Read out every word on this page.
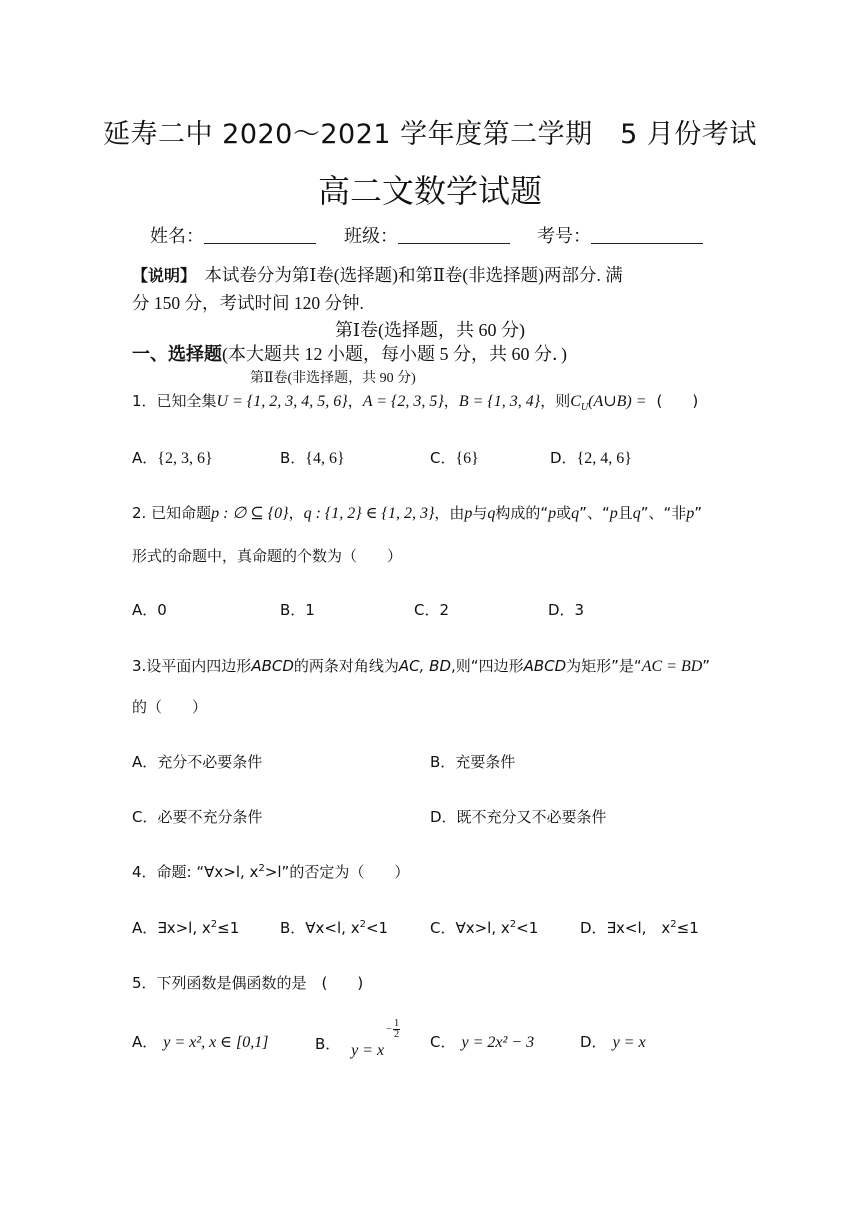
延寿二中 2020～2021 学年度第二学期　5 月份考试
高二文数学试题
姓名：	班级：	考号：
【说明】 本试卷分为第Ⅰ卷(选择题)和第Ⅱ卷(非选择题)两部分. 满
分 150 分，考试时间 120 分钟.
第Ⅰ卷(选择题，共 60 分)
一、选择题(本大题共 12 小题，每小题 5 分，共 60 分．)
第Ⅱ卷(非选择题，共 90 分)
1．已知全集U = {1, 2, 3, 4, 5, 6}，A = {2, 3, 5}，B = {1, 3, 4}，则$C_U(A\cup B)$ = (　　)
A．{2, 3, 6}	B．{4, 6}	C．{6}	D．{2, 4, 6}
2. 已知命题p : ∅ ⊆ {0}，q : {1, 2} ∈ {1, 2, 3}，由p与q构成的“p或q”、“p且q”、“非p”
形式的命题中，真命题的个数为（　　）
A．0	B．1	C．2	D．3
3.设平面内四边形ABCD的两条对角线为AC, BD,则“四边形ABCD为矩形”是“AC = BD”
的（　　）
A．充分不必要条件	B．充要条件
C．必要不充分条件	D．既不充分又不必要条件
4．命题: “∀x>l, $x^2>l$”的否定为（　　）
A．∃x>l, $x^2\le 1$	B．∀x<l, $x^2<1$	C．∀x>l, $x^2<1$	D．∃x<l,　$x^2\le 1$
5．下列函数是偶函数的是　(　　)
A． y = x², x ∈ [0,1]	B． y = x
−
1
2 C． y = 2x² − 3	D． y = x
